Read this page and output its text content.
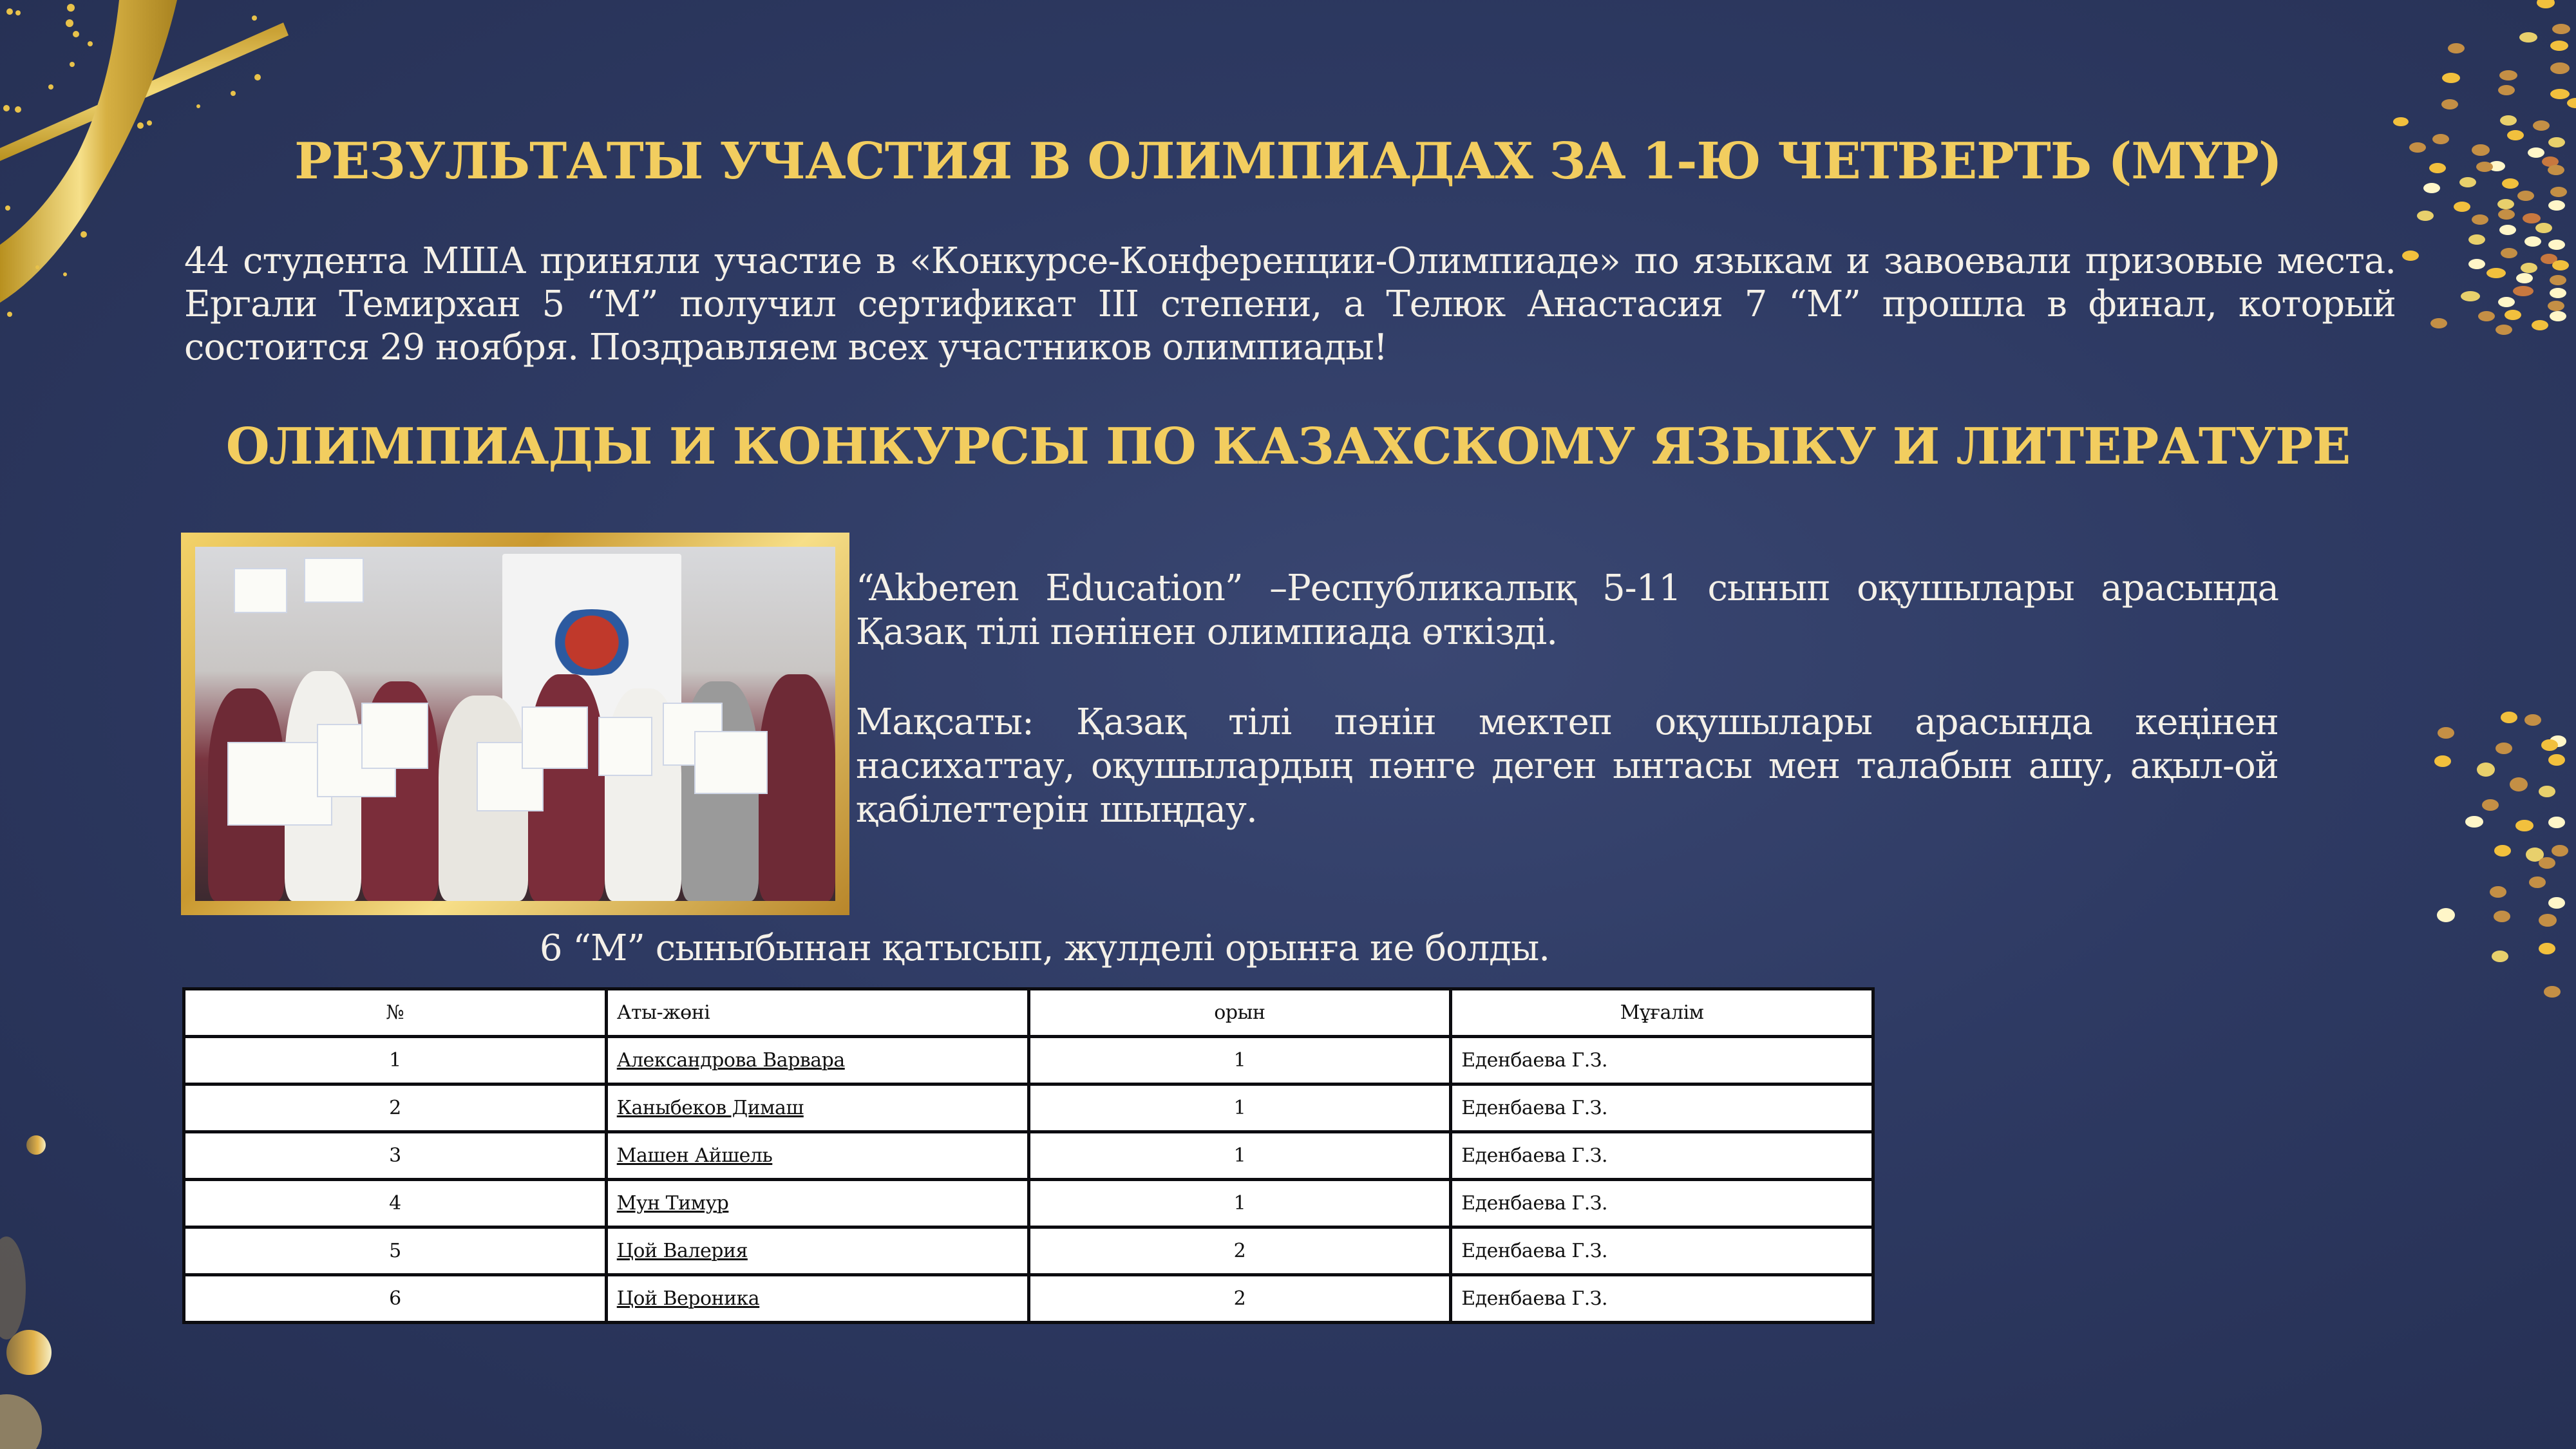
РЕЗУЛЬТАТЫ УЧАСТИЯ В ОЛИМПИАДАХ ЗА 1-Ю ЧЕТВЕРТЬ (МҮР)

44 студента МША приняли участие в «Конкурсе-Конференции-Олимпиаде» по языкам и завоевали призовые места. Ергали Темирхан 5 “М” получил сертификат III степени, а Телюк Анастасия 7 “М” прошла в финал, который состоится 29 ноября. Поздравляем всех участников олимпиады!

ОЛИМПИАДЫ И КОНКУРСЫ ПО КАЗАХСКОМУ ЯЗЫКУ И ЛИТЕРАТУРЕ

“Akberen Education” –Республикалық 5-11 сынып оқушылары арасында Қазақ тілі пәнінен олимпиада өткізді.

Мақсаты: Қазақ тілі пәнін мектеп оқушылары арасында кеңінен насихаттау, оқушылардың пәнге деген ынтасы мен талабын ашу, ақыл-ой қабілеттерін шыңдау.

6 “М” сыныбынан қатысып, жүлделі орынға ие болды.
№	Аты-жөні	орын	Мұғалім
1	Александрова Варвара	1	Еденбаева Г.З.
2	Каныбеков Димаш	1	Еденбаева Г.З.
3	Машен Айшель	1	Еденбаева Г.З.
4	Мун Тимур	1	Еденбаева Г.З.
5	Цой Валерия	2	Еденбаева Г.З.
6	Цой Вероника	2	Еденбаева Г.З.
